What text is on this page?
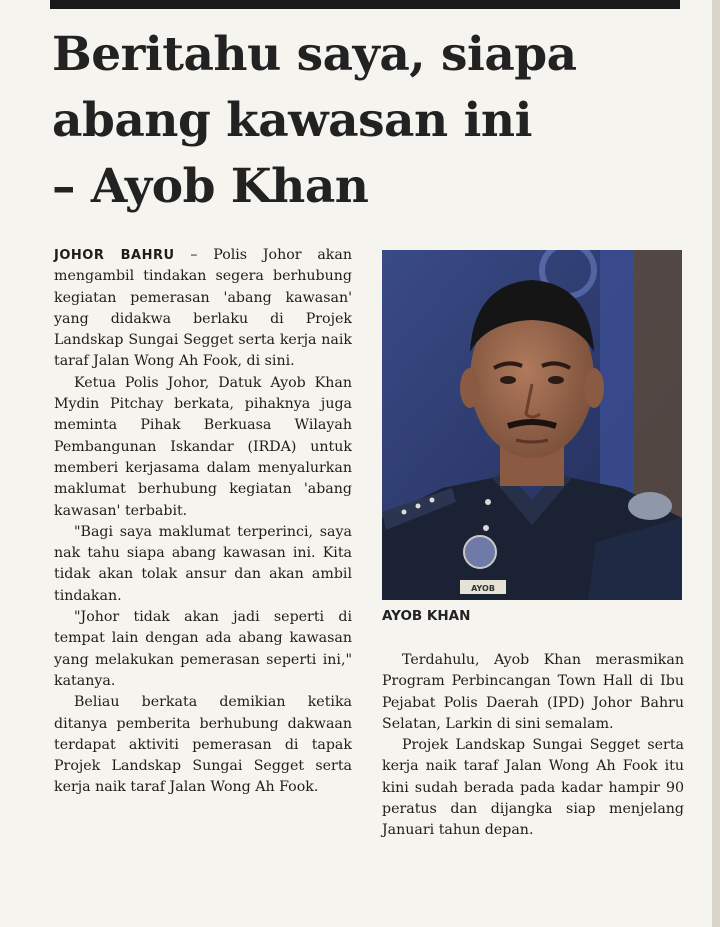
Beritahu saya, siapa
abang kawasan ini
– Ayob Khan

JOHOR BAHRU – Polis Johor akan mengambil tindakan segera berhubung kegiatan pemerasan 'abang kawasan' yang didakwa berlaku di Projek Landskap Sungai Segget serta kerja naik taraf Jalan Wong Ah Fook, di sini.

Ketua Polis Johor, Datuk Ayob Khan Mydin Pitchay berkata, pihaknya juga meminta Pihak Berkuasa Wilayah Pembangunan Iskandar (IRDA) untuk memberi kerjasama dalam menyalurkan maklumat berhubung kegiatan 'abang kawasan' terbabit.

"Bagi saya maklumat terperinci, saya nak tahu siapa abang kawasan ini. Kita tidak akan tolak ansur dan akan ambil tindakan.

"Johor tidak akan jadi seperti di tempat lain dengan ada abang kawasan yang melakukan pemerasan seperti ini," katanya.

Beliau berkata demikian ketika ditanya pemberita berhubung dakwaan terdapat aktiviti pemerasan di tapak Projek Landskap Sungai Segget serta kerja naik taraf Jalan Wong Ah Fook.

AYOB

AYOB KHAN

Terdahulu, Ayob Khan merasmikan Program Perbincangan Town Hall di Ibu Pejabat Polis Daerah (IPD) Johor Bahru Selatan, Larkin di sini semalam.

Projek Landskap Sungai Segget serta kerja naik taraf Jalan Wong Ah Fook itu kini sudah berada pada kadar hampir 90 peratus dan dijangka siap menjelang Januari tahun depan.
